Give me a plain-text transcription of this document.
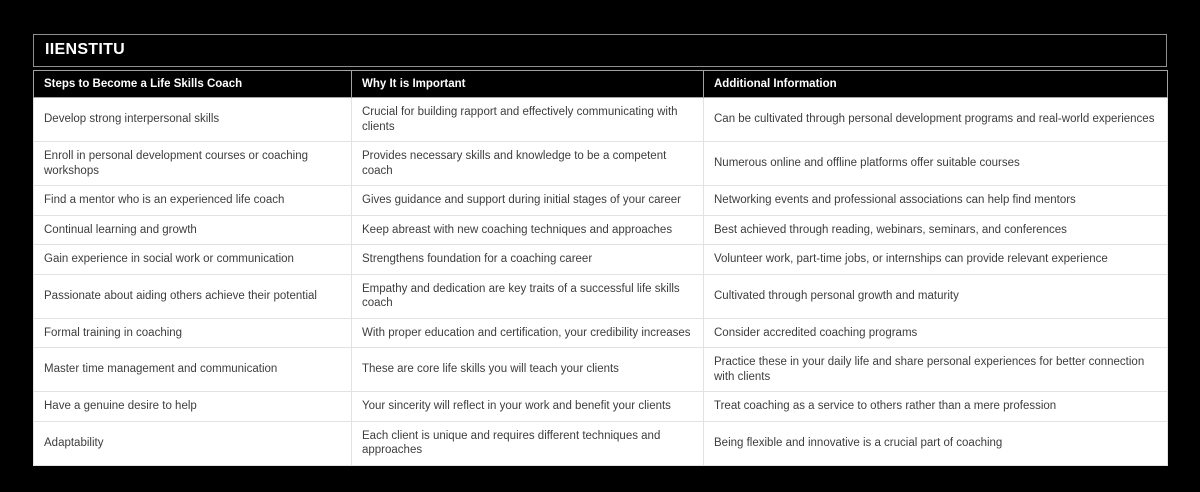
IIENSTITU
Steps to Become a Life Skills Coach	Why It is Important	Additional Information
Develop strong interpersonal skills	Crucial for building rapport and effectively communicating with clients	Can be cultivated through personal development programs and real-world experiences
Enroll in personal development courses or coaching workshops	Provides necessary skills and knowledge to be a competent coach	Numerous online and offline platforms offer suitable courses
Find a mentor who is an experienced life coach	Gives guidance and support during initial stages of your career	Networking events and professional associations can help find mentors
Continual learning and growth	Keep abreast with new coaching techniques and approaches	Best achieved through reading, webinars, seminars, and conferences
Gain experience in social work or communication	Strengthens foundation for a coaching career	Volunteer work, part-time jobs, or internships can provide relevant experience
Passionate about aiding others achieve their potential	Empathy and dedication are key traits of a successful life skills coach	Cultivated through personal growth and maturity
Formal training in coaching	With proper education and certification, your credibility increases	Consider accredited coaching programs
Master time management and communication	These are core life skills you will teach your clients	Practice these in your daily life and share personal experiences for better connection with clients
Have a genuine desire to help	Your sincerity will reflect in your work and benefit your clients	Treat coaching as a service to others rather than a mere profession
Adaptability	Each client is unique and requires different techniques and approaches	Being flexible and innovative is a crucial part of coaching
